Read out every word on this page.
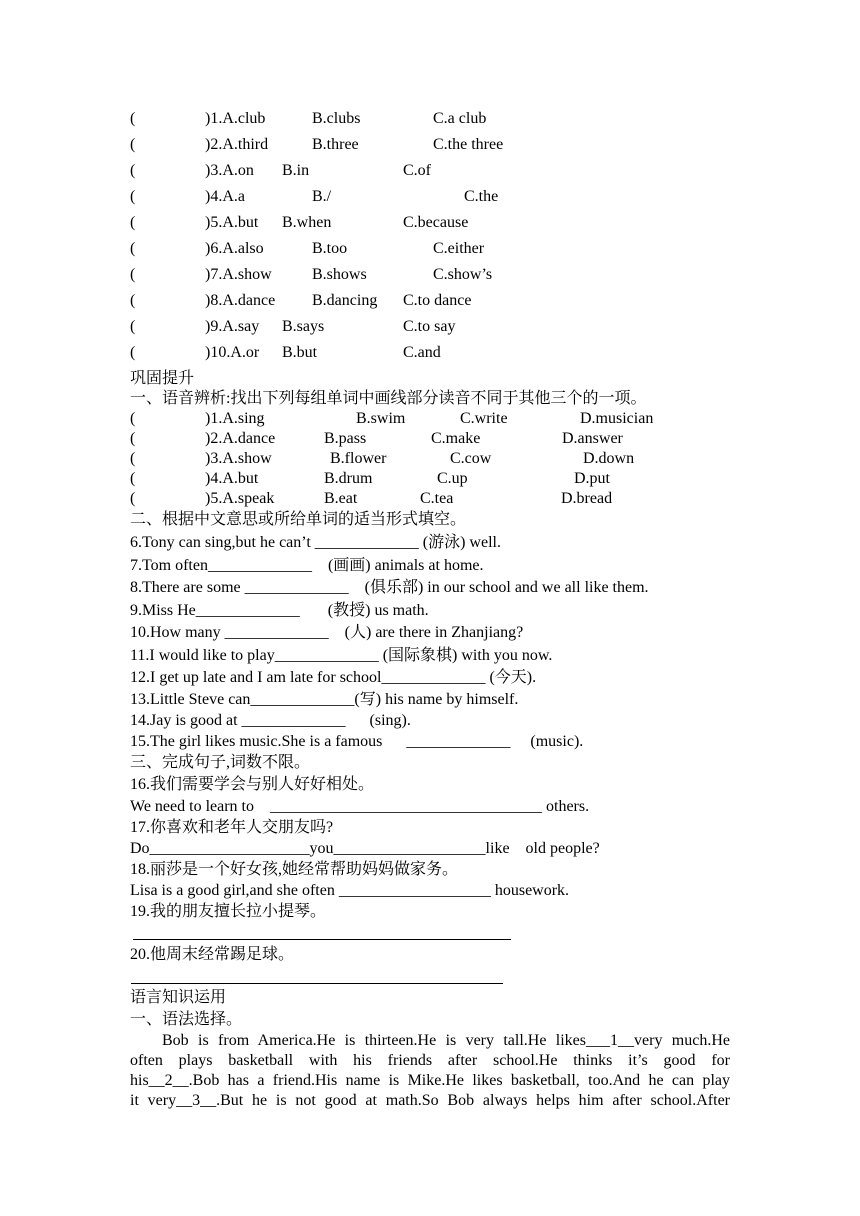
(	)1.A.club	B.clubs	C.a club
(	)2.A.third	B.three	C.the three
(	)3.A.on B.in	C.of
(	)4.A.a	B./	C.the
(	)5.A.but B.when	C.because
(	)6.A.also	B.too	C.either
(	)7.A.show	B.shows	C.show’s
(	)8.A.dance B.dancing C.to dance
(	)9.A.say B.says	C.to say
(	)10.A.or B.but	C.and
巩固提升
一、语音辨析:找出下列每组单词中画线部分读音不同于其他三个的一项。
(	)1.A.sing	B.swim	C.write	D.musician
(	)2.A.dance	B.pass	C.make	D.answer
(	)3.A.show	B.flower	C.cow	D.down
(	)4.A.but	B.drum	C.up	D.put
(	)5.A.speak	B.eat	C.tea	D.bread
二、根据中文意思或所给单词的适当形式填空。
6.Tony can sing,but he can’t _____________ (游泳) well.
7.Tom often_____________    (画画) animals at home.
8.There are some _____________    (俱乐部) in our school and we all like them.
9.Miss He_____________       (教授) us math.
10.How many _____________    (人) are there in Zhanjiang?
11.I would like to play_____________ (国际象棋) with you now.
12.I get up late and I am late for school_____________ (今天).
13.Little Steve can_____________(写) his name by himself.
14.Jay is good at _____________      (sing).
15.The girl likes music.She is a famous      _____________     (music).
三、完成句子,词数不限。
16.我们需要学会与别人好好相处。
We need to learn to    __________________________________ others.
17.你喜欢和老年人交朋友吗?
Do____________________you___________________like    old people?
18.丽莎是一个好女孩,她经常帮助妈妈做家务。
Lisa is a good girl,and she often ___________________ housework.
19.我的朋友擅长拉小提琴。
20.他周末经常踢足球。
语言知识运用
一、语法选择。
Bob is from America.He is thirteen.He is very tall.He likes___1__very much.He
often plays basketball with his friends after school.He thinks it’s good for
his__2__.Bob has a friend.His name is Mike.He likes basketball, too.And he can play
it very__3__.But he is not good at math.So Bob always helps him after school.After
